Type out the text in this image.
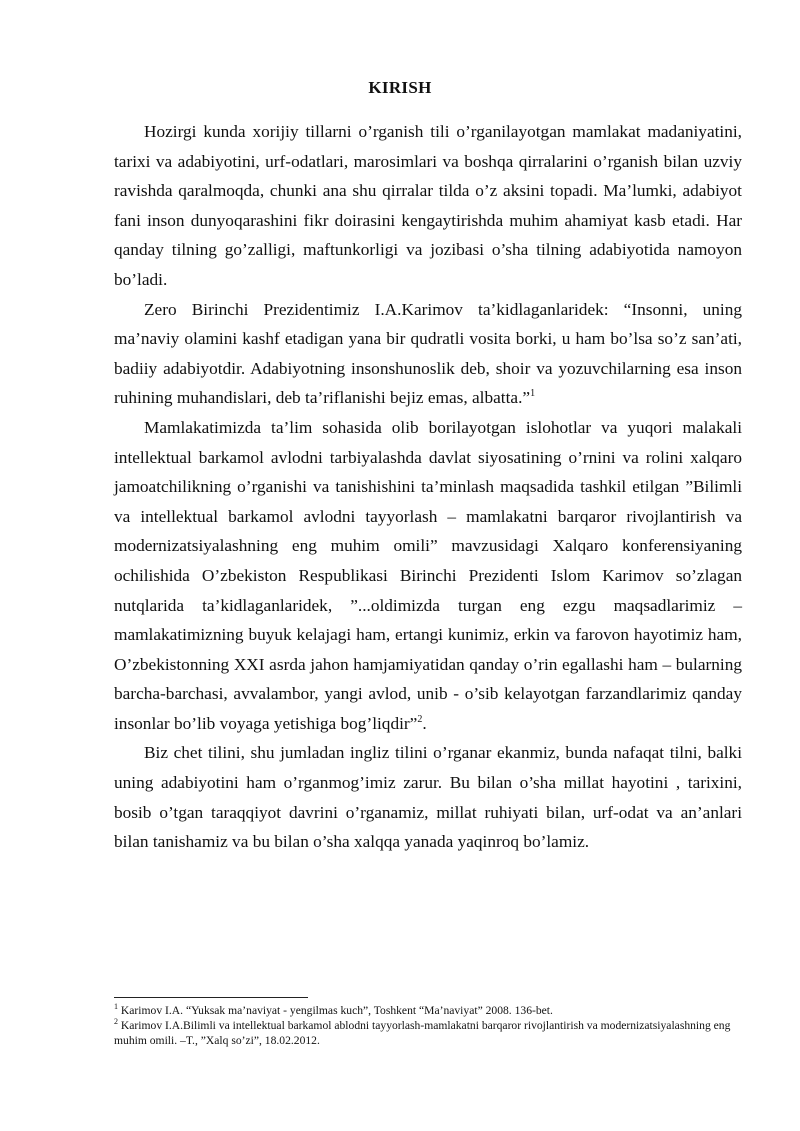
KIRISH

Hozirgi kunda xorijiy tillarni o’rganish tili o’rganilayotgan mamlakat madaniyatini, tarixi va adabiyotini, urf-odatlari, marosimlari va boshqa qirralarini o’rganish bilan uzviy ravishda qaralmoqda, chunki ana shu qirralar tilda o’z aksini topadi. Ma’lumki, adabiyot fani inson dunyoqarashini fikr doirasini kengaytirishda muhim ahamiyat kasb etadi. Har qanday tilning go’zalligi, maftunkorligi va jozibasi o’sha tilning adabiyotida namoyon bo’ladi.

Zero Birinchi Prezidentimiz I.A.Karimov ta’kidlaganlaridek: “Insonni, uning ma’naviy olamini kashf etadigan yana bir qudratli vosita borki, u ham bo’lsa so’z san’ati, badiiy adabiyotdir. Adabiyotning insonshunoslik deb, shoir va yozuvchilarning esa inson ruhining muhandislari, deb ta’riflanishi bejiz emas, albatta.”$^1$

Mamlakatimizda ta’lim sohasida olib borilayotgan islohotlar va yuqori malakali intellektual barkamol avlodni tarbiyalashda davlat siyosatining o’rnini va rolini xalqaro jamoatchilikning o’rganishi va tanishishini ta’minlash maqsadida tashkil etilgan ”Bilimli va intellektual barkamol avlodni tayyorlash – mamlakatni barqaror rivojlantirish va modernizatsiyalashning eng muhim omili” mavzusidagi Xalqaro konferensiyaning ochilishida O’zbekiston Respublikasi Birinchi Prezidenti Islom Karimov so’zlagan nutqlarida ta’kidlaganlaridek, ”...oldimizda turgan eng ezgu maqsadlarimiz – mamlakatimizning buyuk kelajagi ham, ertangi kunimiz, erkin va farovon hayotimiz ham, O’zbekistonning XXI asrda jahon hamjamiyatidan qanday o’rin egallashi ham – bularning barcha-barchasi, avvalambor, yangi avlod, unib - o’sib kelayotgan farzandlarimiz qanday insonlar bo’lib voyaga yetishiga bog’liqdir”$^2$.

Biz chet tilini, shu jumladan ingliz tilini o’rganar ekanmiz, bunda nafaqat tilni, balki uning adabiyotini ham o’rganmog’imiz zarur. Bu bilan o’sha millat hayotini , tarixini, bosib o’tgan taraqqiyot davrini o’rganamiz, millat ruhiyati bilan, urf-odat va an’anlari bilan tanishamiz va bu bilan o’sha xalqqa yanada yaqinroq bo’lamiz.

$^1$ Karimov I.A. “Yuksak ma’naviyat - yengilmas kuch”, Toshkent “Ma’naviyat” 2008. 136-bet.
$^2$ Karimov I.A.Bilimli va intellektual barkamol ablodni tayyorlash-mamlakatni barqaror rivojlantirish va modernizatsiyalashning eng muhim omili. –T., ”Xalq so’zi”, 18.02.2012.
